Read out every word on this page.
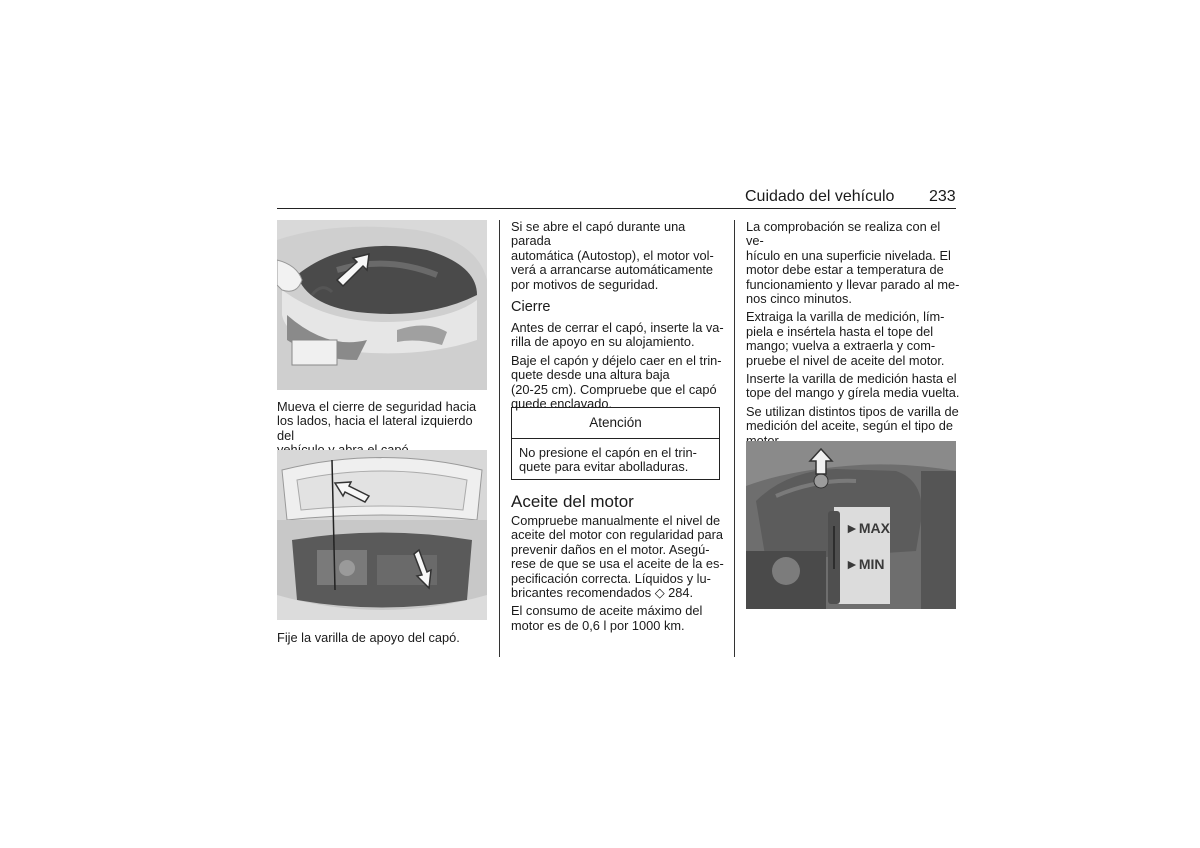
Cuidado del vehículo 233
Mueva el cierre de seguridad hacia
los lados, hacia el lateral izquierdo del
Fije la varilla de apoyo del capó.

Si se abre el capó durante una parada
automática (Autostop), el motor vol-
verá a arrancarse automáticamente
por motivos de seguridad.

Cierre

Antes de cerrar el capó, inserte la va-
rilla de apoyo en su alojamiento.

Baje el capón y déjelo caer en el trin-
quete desde una altura baja
(20-25 cm). Compruebe que el capó
quede enclavado.

Atención
No presione el capón en el trin-
quete para evitar abolladuras.
Aceite del motor

Compruebe manualmente el nivel de
aceite del motor con regularidad para
prevenir daños en el motor. Asegú-
rese de que se usa el aceite de la es-
pecificación correcta. Líquidos y lu-
bricantes recomendados ◇ 284.

El consumo de aceite máximo del
motor es de 0,6 l por 1000 km.

La comprobación se realiza con el ve-
hículo en una superficie nivelada. El
motor debe estar a temperatura de
funcionamiento y llevar parado al me-
nos cinco minutos.

Extraiga la varilla de medición, lím-
piela e insértela hasta el tope del
mango; vuelva a extraerla y com-
pruebe el nivel de aceite del motor.

Inserte la varilla de medición hasta el
tope del mango y gírela media vuelta.

Se utilizan distintos tipos de varilla de
medición del aceite, según el tipo de

►MAX
►MIN
